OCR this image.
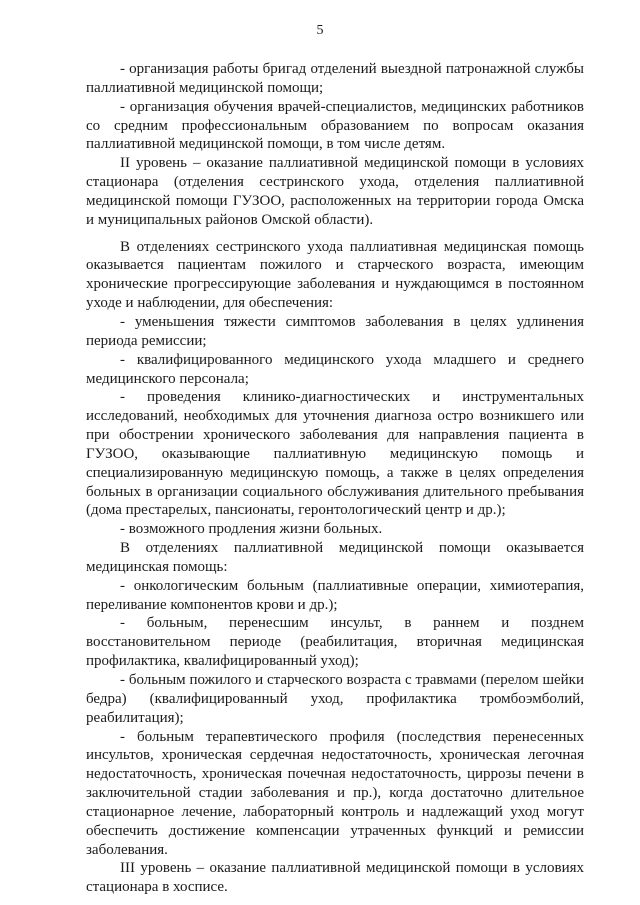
5

- организация работы бригад отделений выездной патронажной службы паллиативной медицинской помощи;

- организация обучения врачей-специалистов, медицинских работников со средним профессиональным образованием по вопросам оказания паллиативной медицинской помощи, в том числе детям.

II уровень – оказание паллиативной медицинской помощи в условиях стационара (отделения сестринского ухода, отделения паллиативной медицинской помощи ГУЗОО, расположенных на территории города Омска и муниципальных районов Омской области).

В отделениях сестринского ухода паллиативная медицинская помощь оказывается пациентам пожилого и старческого возраста, имеющим хронические прогрессирующие заболевания и нуждающимся в постоянном уходе и наблюдении, для обеспечения:

- уменьшения тяжести симптомов заболевания в целях удлинения периода ремиссии;

- квалифицированного медицинского ухода младшего и среднего медицинского персонала;

- проведения клинико-диагностических и инструментальных исследований, необходимых для уточнения диагноза остро возникшего или при обострении хронического заболевания для направления пациента в ГУЗОО, оказывающие паллиативную медицинскую помощь и специализированную медицинскую помощь, а также в целях определения больных в организации социального обслуживания длительного пребывания (дома престарелых, пансионаты, геронтологический центр и др.);

- возможного продления жизни больных.

В отделениях паллиативной медицинской помощи оказывается медицинская помощь:

- онкологическим больным (паллиативные операции, химиотерапия, переливание компонентов крови и др.);

- больным, перенесшим инсульт, в раннем и позднем восстановительном периоде (реабилитация, вторичная медицинская профилактика, квалифицированный уход);

- больным пожилого и старческого возраста с травмами (перелом шейки бедра) (квалифицированный уход, профилактика тромбоэмболий, реабилитация);

- больным терапевтического профиля (последствия перенесенных инсультов, хроническая сердечная недостаточность, хроническая легочная недостаточность, хроническая почечная недостаточность, циррозы печени в заключительной стадии заболевания и пр.), когда достаточно длительное стационарное лечение, лабораторный контроль и надлежащий уход могут обеспечить достижение компенсации утраченных функций и ремиссии заболевания.

III уровень – оказание паллиативной медицинской помощи в условиях стационара в хосписе.
